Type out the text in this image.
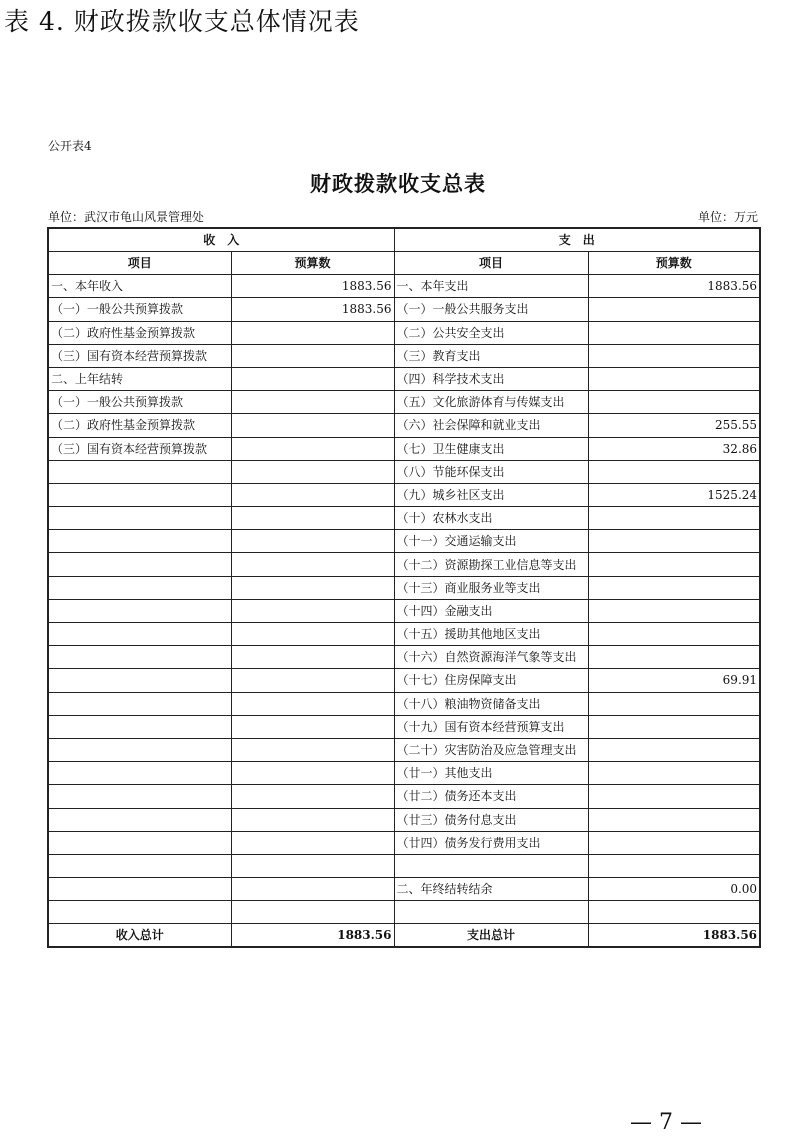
表 4. 财政拨款收支总体情况表
公开表4
财政拨款收支总表
单位：武汉市龟山风景管理处	单位：万元
收　入		支　出	
项目	预算数	项目	预算数
一、本年收入	1883.56	一、本年支出	1883.56
（一）一般公共预算拨款	1883.56	（一）一般公共服务支出	
（二）政府性基金预算拨款		（二）公共安全支出	
（三）国有资本经营预算拨款		（三）教育支出	
二、上年结转		（四）科学技术支出	
（一）一般公共预算拨款		（五）文化旅游体育与传媒支出	
（二）政府性基金预算拨款		（六）社会保障和就业支出	255.55
（三）国有资本经营预算拨款		（七）卫生健康支出	32.86
		（八）节能环保支出	
		（九）城乡社区支出	1525.24
		（十）农林水支出	
		（十一）交通运输支出	
		（十二）资源勘探工业信息等支出	
		（十三）商业服务业等支出	
		（十四）金融支出	
		（十五）援助其他地区支出	
		（十六）自然资源海洋气象等支出	
		（十七）住房保障支出	69.91
		（十八）粮油物资储备支出	
		（十九）国有资本经营预算支出	
		（二十）灾害防治及应急管理支出	
		（廿一）其他支出	
		（廿二）债务还本支出	
		（廿三）债务付息支出	
		（廿四）债务发行费用支出	

		二、年终结转结余	0.00

收入总计	1883.56	支出总计	1883.56
— 7 —
